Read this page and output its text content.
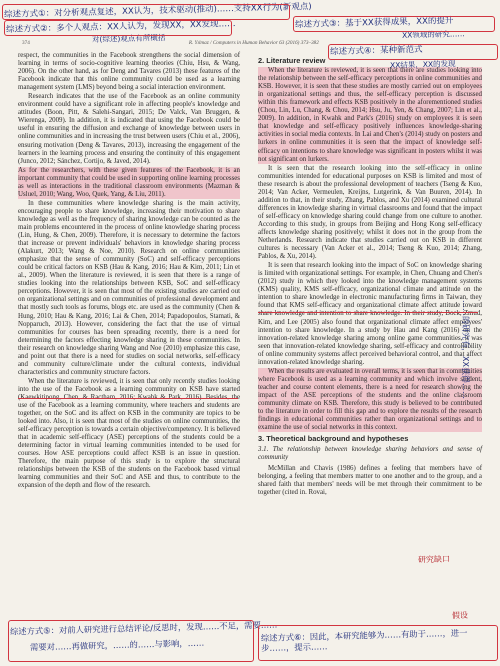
374	R. Yılmaz / Computers in Human Behavior 63 (2016) 373–382

respect, the communities in the Facebook strengthens the social dimension of learning in terms of socio-cognitive learning theories (Chiu, Hsu, & Wang, 2006). On the other hand, as for Deng and Tavares (2013) these features of the Facebook indicate that this online community could be used as a learning management system (LMS) beyond being a social interaction environment.

Research indicates that the use of the Facebook as an online community environment could have a significant role in affecting people's knowledge and attitudes (Boon, Pitt, & Salehi-Sangari, 2015; De Valck, Van Bruggen, & Wierenga, 2009). In addition, it is indicated that using the Facebook could be useful in ensuring the diffusion and exchange of knowledge between users in online communities and in increasing the trust between users (Chiu et al., 2006), ensuring motivation (Deng & Tavares, 2013), increasing the engagement of the learners in the learning process and ensuring the continuity of this engagement (Junco, 2012; Sánchez, Cortijo, & Javed, 2014).

As for the researchers, with these given features of the Facebook, it is an important community that could be used in supporting online learning processes as well as interactions in the traditional classroom environments (Mazman & Usluel, 2010; Wang, Woo, Quek, Yang, & Liu, 2011).

In these communities where knowledge sharing is the main activity, encouraging people to share knowledge, increasing their motivation to share knowledge as well as the frequency of sharing knowledge can be counted as the main problems encountered in the process of online knowledge sharing process (Lin, Hung, & Chen, 2009). Therefore, it is necessary to determine the factors that increase or prevent individuals' behaviors in knowledge sharing process (Alakurt, 2013; Wang & Noe, 2010). Research on online communities emphasize that the sense of community (SoC) and self-efficacy perceptions could be critical factors on KSB (Hau & Kang, 2016; Hau & Kim, 2011; Lin et al., 2009). When the literature is reviewed, it is seen that there is a range of studies looking into the relationships between KSB, SoC and self-efficacy perceptions. However, it is seen that most of the existing studies are carried out on organizational settings and on communities of professional development and that mostly such tools as forums, blogs etc. are used as the community (Chen & Hung, 2010; Hau & Kang, 2016; Lai & Chen, 2014; Papadopoulos, Stamati, & Nopparuch, 2013). However, considering the fact that the use of virtual communities for courses has been spreading recently, there is a need for determining the factors effecting knowledge sharing in these communities. In their research on knowledge sharing Wang and Noe (2010) emphasize this case, and point out that there is a need for studies on social networks, self-efficacy and community culture/climate under the cultural contexts, individual characteristics and community structure factors.

When the literature is reviewed, it is seen that only recently studies looking into the use of the Facebook as a learning community on KSB have started (Kaewkitipong, Chen, & Ractham, 2016; Kwahk & Park, 2016). Besides, the use of the Facebook as a learning community, where teachers and students are together, on the SoC and its affect on KSB in the community are topics to be looked into. Also, it is seen that most of the studies on online communities, the self-efficacy perception is towards a certain objective/competency. It is believed that in academic self-efficacy (ASE) perceptions of the students could be a determining factor in virtual learning communities intended to be used for courses. How ASE perceptions could affect KSB is an issue in question. Therefore, the main purpose of this study is to explore the structural relationships between the KSB of the students on the Facebook based virtual learning communities and their SoC and ASE and thus, to contribute to the expansion of the depth and flow of the research.

2. Literature review

When the literature is reviewed, it is seen that there are studies looking into the relationship between the self-efficacy perceptions in online communities and KSB. However, it is seen that these studies are mostly carried out on employees in organizational settings and thus, the self-efficacy perception is discussed within this framework and effects KSB positively in the aforementioned studies (Chou, Lin, Lu, Chang, & Chou, 2014; Hsu, Ju, Yen, & Chang, 2007; Lin et al., 2009). In addition, in Kwahk and Park's (2016) study on employees it is seen that knowledge and self-efficacy positively influences knowledge-sharing activities in social media contexts. In Lai and Chen's (2014) study on posters and lurkers in online communities it is seen that the impact of knowledge self-efficacy on intentions to share knowledge was significant in posters whilst it was not significant on lurkers.

It is seen that the research looking into the self-efficacy in online communities intended for educational purposes on KSB is limited and most of these research is about the professional development of teachers (Tseng & Kuo, 2014; Van Acker, Vermeulen, Kreijns, Lutgerink, & Van Buuren, 2014). In addition to that, in their study, Zhang, Pablos, and Xu (2014) examined cultural differences in knowledge sharing in virtual classrooms and found that the impact of self-efficacy on knowledge sharing could change from one culture to another. According to this study, in groups from Beijing and Hong Kong self-efficacy affects knowledge sharing positively; whilst it does not in the group from the Netherlands. Research indicate that studies carried out on KSB in different cultures is necessary (Van Acker et al., 2014; Tseng & Kuo, 2014; Zhang, Pablos, & Xu, 2014).

It is seen that research looking into the impact of SoC on knowledge sharing is limited with organizational settings. For example, in Chen, Chuang and Chen's (2012) study in which they looked into the knowledge management systems (KMS) quality, KMS self-efficacy, organizational climate and attitude on the intention to share knowledge in electronic manufacturing firms in Taiwan, they found that KMS self-efficacy and organizational climate affect attitude toward share knowledge and intention to share knowledge. In their study, Bock, Zmud, Kim, and Lee (2005) also found that organizational climate affect employees' intention to share knowledge. In a study by Hau and Kang (2016) on the innovation-related knowledge sharing among online game communities, it was seen that innovation-related knowledge sharing, self-efficacy and controllability of online community systems affect perceived behavioral control, and that affect innovation-related knowledge sharing.

When the results are evaluated in overall terms, it is seen that in communities where Facebook is used as a learning community and which involve student, teacher and course content elements, there is a need for research showing the impact of the ASE perceptions of the students and the online classroom community climate on KSB. Therefore, this study is believed to be contributed to the literature in order to fill this gap and to explore the results of the research findings in educational communities rather than organizational settings and to examine the use of social networks in this context.

3. Theoretical background and hypotheses
3.1. The relationship between knowledge sharing behaviors and sense of community

McMillan and Chavis (1986) defines a feeling that members have of belonging, a feeling that members matter to one another and to the group, and a shared faith that members' needs will be met through their commitment to be together (cited in. Rovai,

综述方式①：对分析观点复述，XX认为，技术驱动(推动)……支持XX行为(新观点)
综述方式②：多个人观点：XX人认为，发现XX，XX发现……
对(综述)观点有所概括
综述方式③：基于XX获得成果，XX的提升
XX领域的研究……
综述方式④：某种新范式
XX结果，XX的发现
……的研究有，XX获得……
综述方式⑤：对前人研究进行总结评论/反思时，发现……不足，需要……
需要对……再做研究，……的……与影响，……
综述方式⑥：因此，本研究能够为……有助于……，进一步……，提示……
研究缺口
假设
